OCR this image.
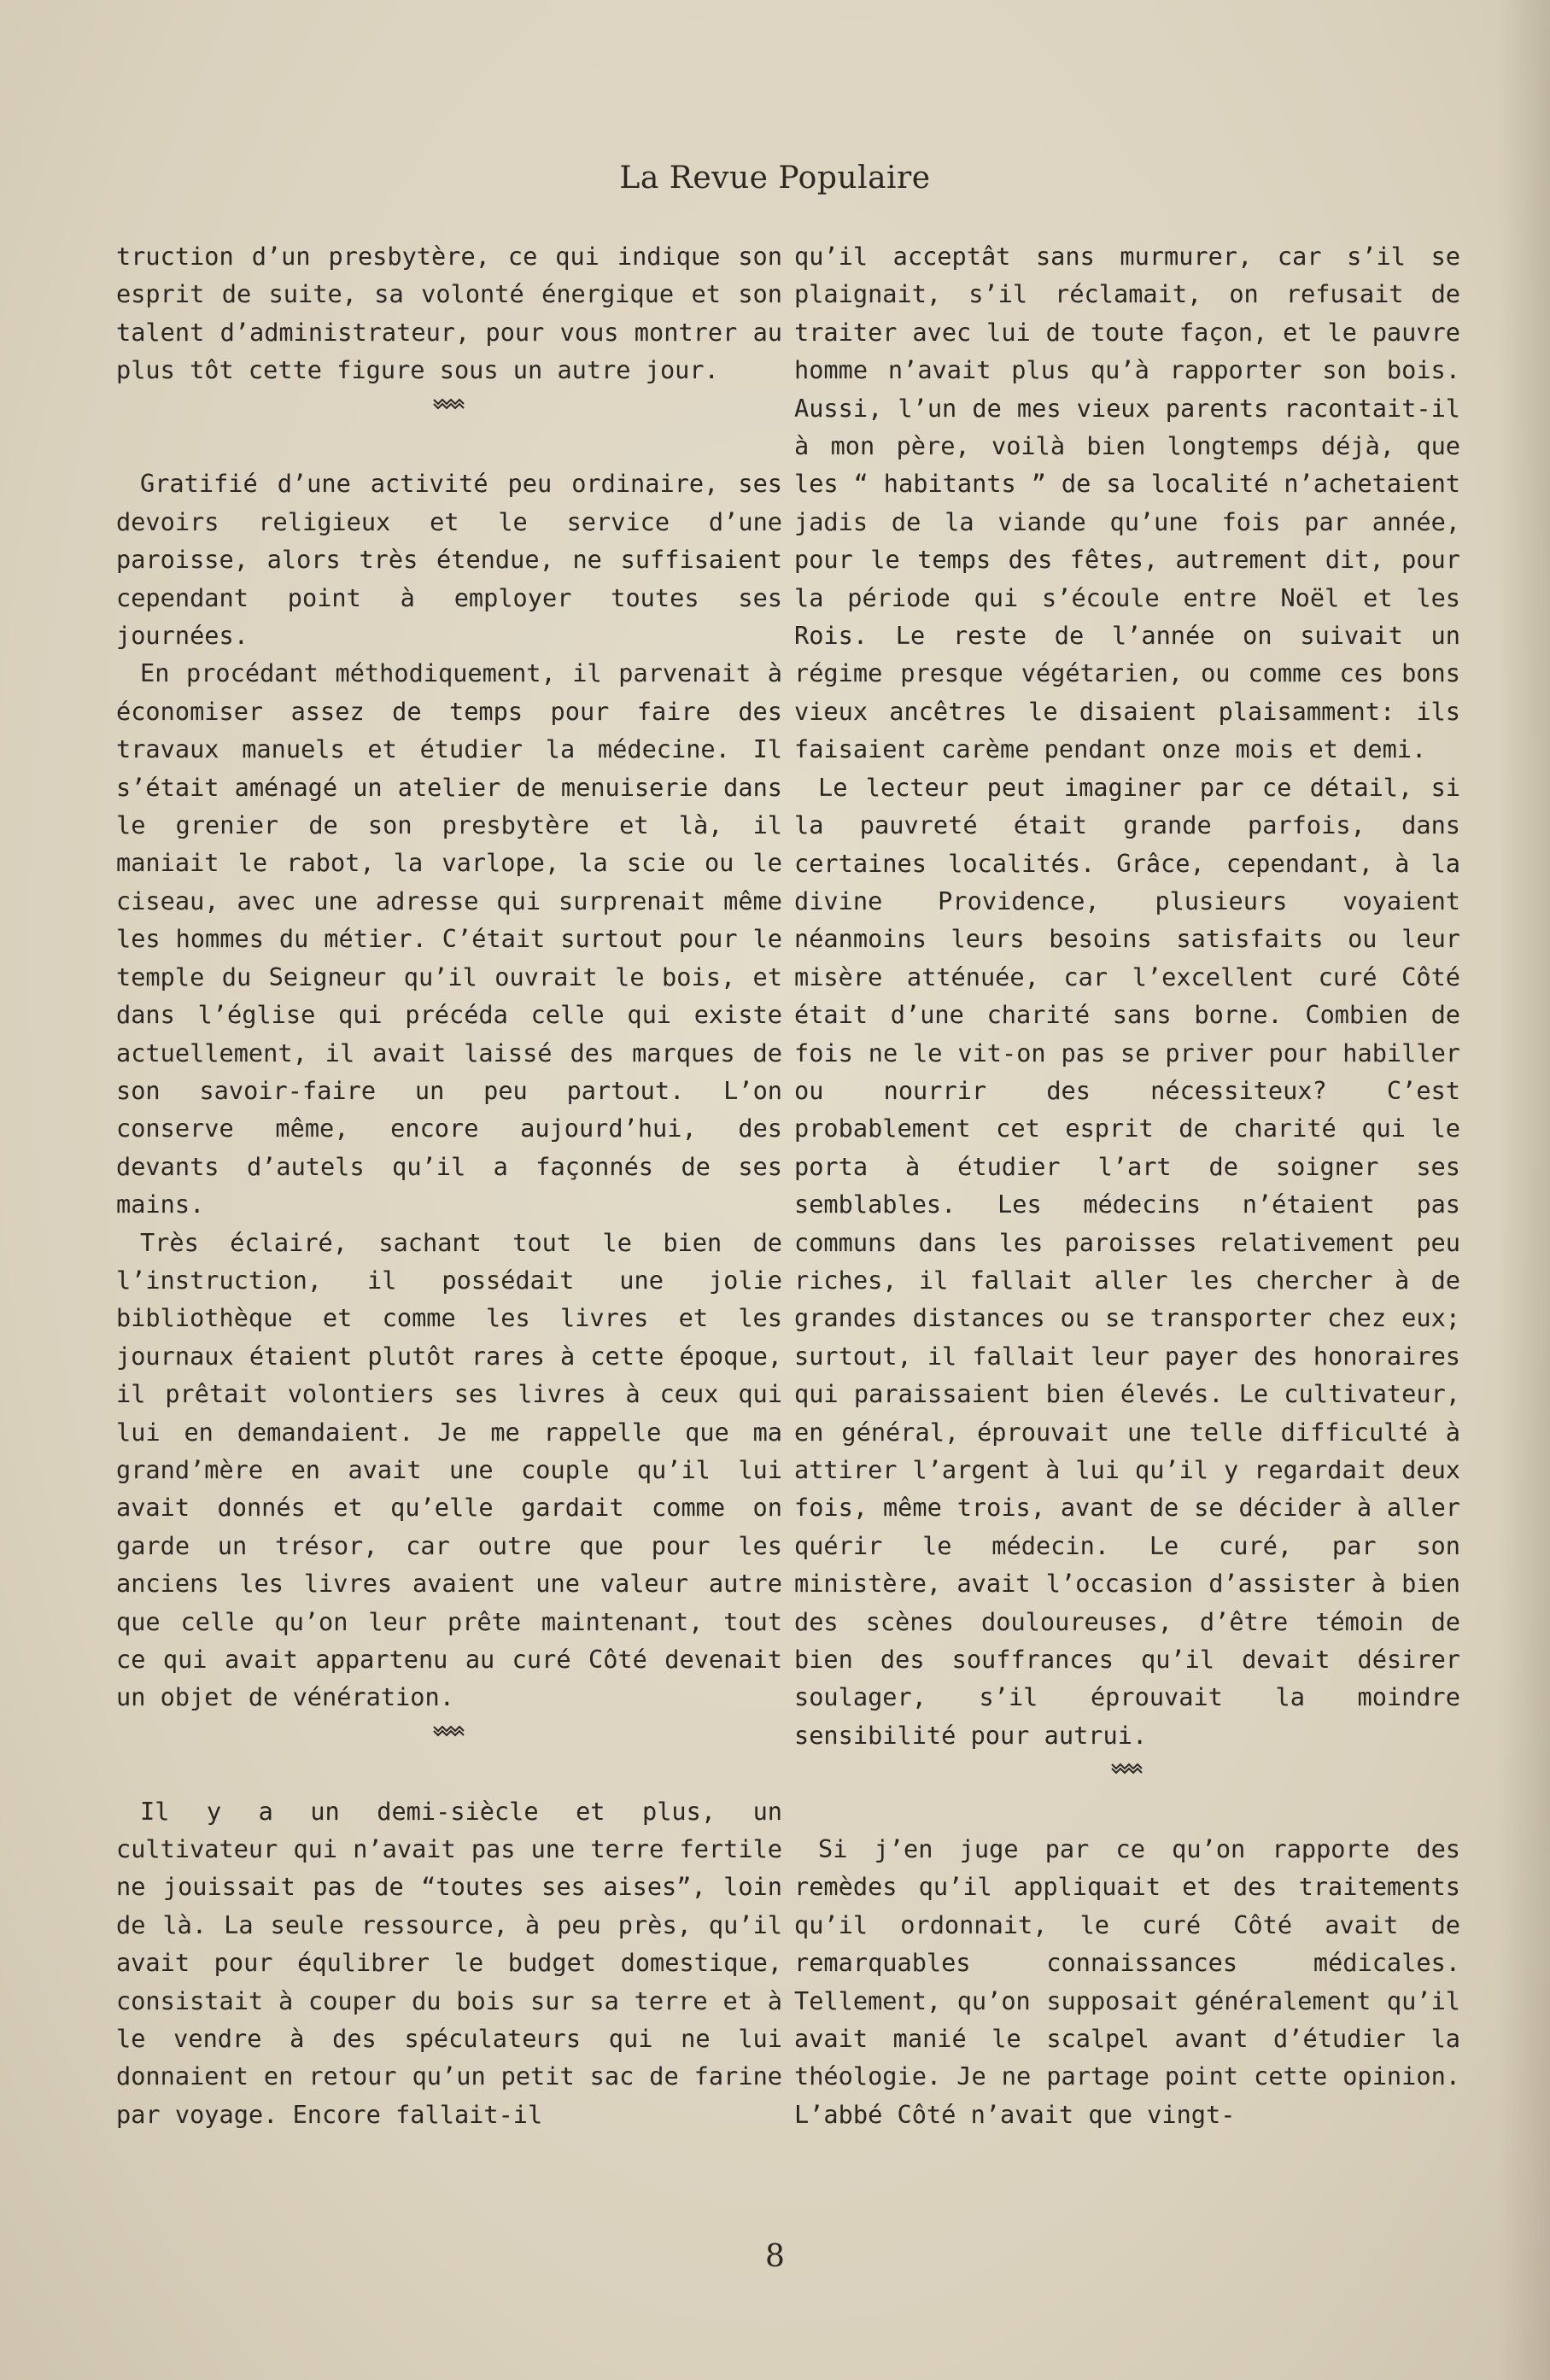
La Revue Populaire

truction d’un presbytère, ce qui indique son esprit de suite, sa volonté énergique et son talent d’administrateur, pour vous montrer au plus tôt cette figure sous un autre jour.

Gratifié d’une activité peu ordinaire, ses devoirs religieux et le service d’une paroisse, alors très étendue, ne suffisaient cependant point à employer toutes ses journées.

En procédant méthodiquement, il parvenait à économiser assez de temps pour faire des travaux manuels et étudier la médecine. Il s’était aménagé un atelier de menuiserie dans le grenier de son presbytère et là, il maniait le rabot, la varlope, la scie ou le ciseau, avec une adresse qui surprenait même les hommes du métier. C’était surtout pour le temple du Seigneur qu’il ouvrait le bois, et dans l’église qui précéda celle qui existe actuellement, il avait laissé des marques de son savoir-faire un peu partout. L’on conserve même, encore aujourd’hui, des devants d’autels qu’il a façonnés de ses mains.

Très éclairé, sachant tout le bien de l’instruction, il possédait une jolie bibliothèque et comme les livres et les journaux étaient plutôt rares à cette époque, il prêtait volontiers ses livres à ceux qui lui en demandaient. Je me rappelle que ma grand’mère en avait une couple qu’il lui avait donnés et qu’elle gardait comme on garde un trésor, car outre que pour les anciens les livres avaient une valeur autre que celle qu’on leur prête maintenant, tout ce qui avait appartenu au curé Côté devenait un objet de vénération.

Il y a un demi-siècle et plus, un cultivateur qui n’avait pas une terre fertile ne jouissait pas de “toutes ses aises”, loin de là. La seule ressource, à peu près, qu’il avait pour équlibrer le budget domestique, consistait à couper du bois sur sa terre et à le vendre à des spéculateurs qui ne lui donnaient en retour qu’un petit sac de farine par voyage. Encore fallait-il

qu’il acceptât sans murmurer, car s’il se plaignait, s’il réclamait, on refusait de traiter avec lui de toute façon, et le pauvre homme n’avait plus qu’à rapporter son bois. Aussi, l’un de mes vieux parents racontait-il à mon père, voilà bien longtemps déjà, que les “ habitants ” de sa localité n’achetaient jadis de la viande qu’une fois par année, pour le temps des fêtes, autrement dit, pour la période qui s’écoule entre Noël et les Rois. Le reste de l’année on suivait un régime presque végétarien, ou comme ces bons vieux ancêtres le disaient plaisamment: ils faisaient carème pendant onze mois et demi.

Le lecteur peut imaginer par ce détail, si la pauvreté était grande parfois, dans certaines localités. Grâce, cependant, à la divine Providence, plusieurs voyaient néanmoins leurs besoins satisfaits ou leur misère atténuée, car l’excellent curé Côté était d’une charité sans borne. Combien de fois ne le vit-on pas se priver pour habiller ou nourrir des nécessiteux? C’est probablement cet esprit de charité qui le porta à étudier l’art de soigner ses semblables. Les médecins n’étaient pas communs dans les paroisses relativement peu riches, il fallait aller les chercher à de grandes distances ou se transporter chez eux; surtout, il fallait leur payer des honoraires qui paraissaient bien élevés. Le cultivateur, en général, éprouvait une telle difficulté à attirer l’argent à lui qu’il y regardait deux fois, même trois, avant de se décider à aller quérir le médecin. Le curé, par son ministère, avait l’occasion d’assister à bien des scènes douloureuses, d’être témoin de bien des souffrances qu’il devait désirer soulager, s’il éprouvait la moindre sensibilité pour autrui.

Si j’en juge par ce qu’on rapporte des remèdes qu’il appliquait et des traitements qu’il ordonnait, le curé Côté avait de remarquables connaissances médicales. Tellement, qu’on supposait généralement qu’il avait manié le scalpel avant d’étudier la théologie. Je ne partage point cette opinion. L’abbé Côté n’avait que vingt-

8
